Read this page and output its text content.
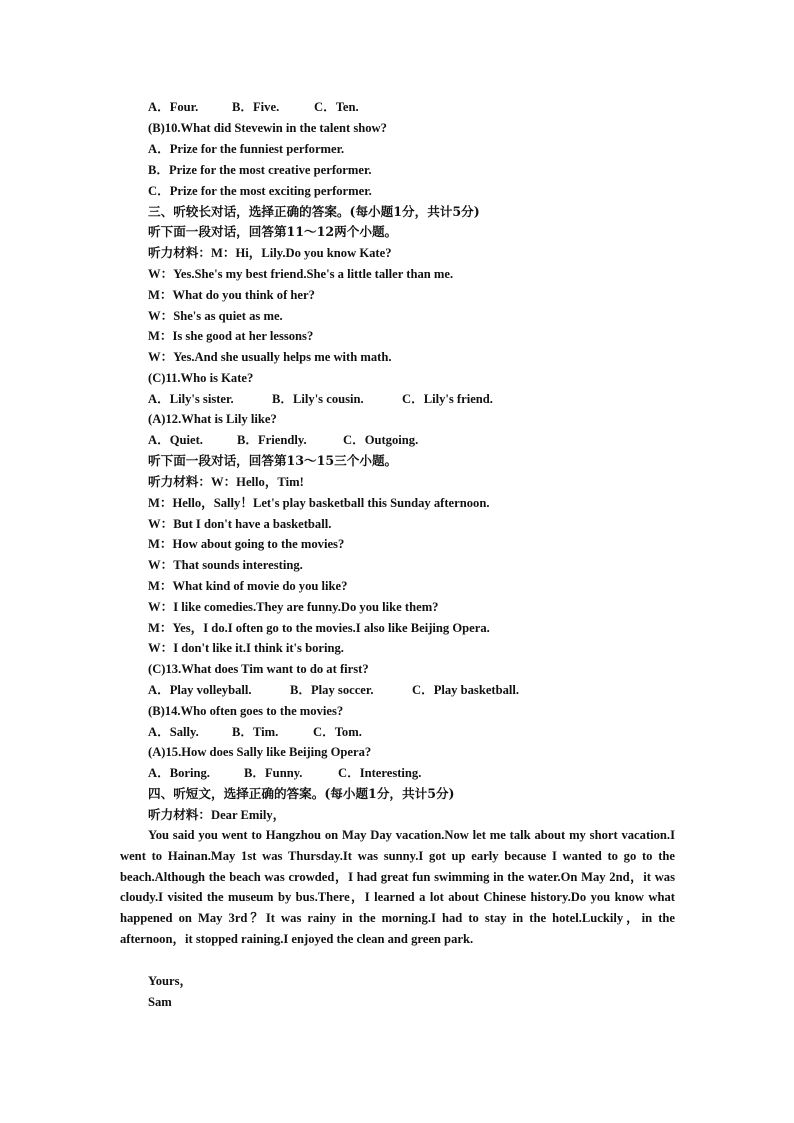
A．Four.	B．Five.	C．Ten.
(B)10.What did Stevewin in the talent show?
A．Prize for the funniest performer.
B．Prize for the most creative performer.
C．Prize for the most exciting performer.
三、听较长对话，选择正确的答案。(每小题1分，共计5分)
听下面一段对话，回答第11～12两个小题。
听力材料：M：Hi，Lily.Do you know Kate?
W：Yes.She's my best friend.She's a little taller than me.
M：What do you think of her?
W：She's as quiet as me.
M：Is she good at her lessons?
W：Yes.And she usually helps me with math.
(C)11.Who is Kate?
A．Lily's sister.	B．Lily's cousin.	C．Lily's friend.
(A)12.What is Lily like?
A．Quiet.	B．Friendly.	C．Outgoing.
听下面一段对话，回答第13～15三个小题。
听力材料：W：Hello，Tim!
M：Hello，Sally！Let's play basketball this Sunday afternoon.
W：But I don't have a basketball.
M：How about going to the movies?
W：That sounds interesting.
M：What kind of movie do you like?
W：I like comedies.They are funny.Do you like them?
M：Yes，I do.I often go to the movies.I also like Beijing Opera.
W：I don't like it.I think it's boring.
(C)13.What does Tim want to do at first?
A．Play volleyball.	B．Play soccer.	C．Play basketball.
(B)14.Who often goes to the movies?
A．Sally.	B．Tim.	C．Tom.
(A)15.How does Sally like Beijing Opera?
A．Boring.	B．Funny.	C．Interesting.
四、听短文，选择正确的答案。(每小题1分，共计5分)
听力材料：Dear Emily，
You said you went to Hangzhou on May Day vacation.Now let me talk about my short vacation.I went to Hainan.May 1st was Thursday.It was sunny.I got up early because I wanted to go to the beach.Although the beach was crowded，I had great fun swimming in the water.On May 2nd，it was cloudy.I visited the museum by bus.There，I learned a lot about Chinese history.Do you know what happened on May 3rd？It was rainy in the morning.I had to stay in the hotel.Luckily，in the afternoon，it stopped raining.I enjoyed the clean and green park.
Yours，
Sam
